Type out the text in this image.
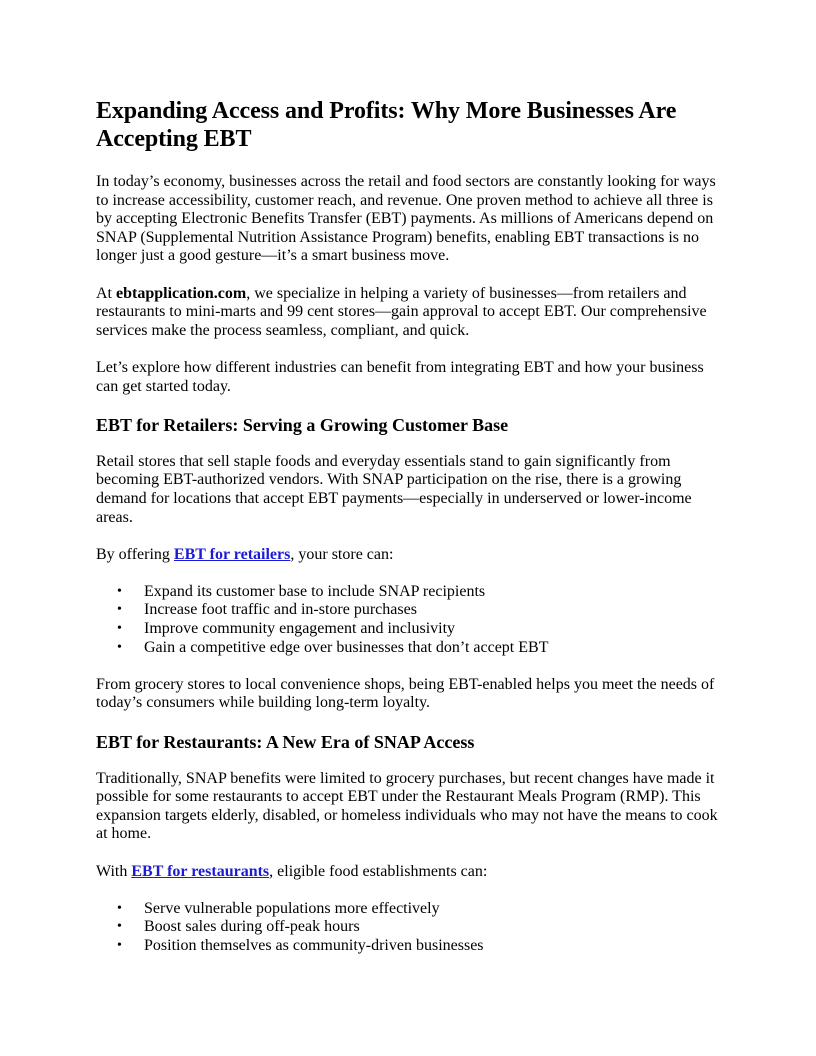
Expanding Access and Profits: Why More Businesses Are Accepting EBT

In today’s economy, businesses across the retail and food sectors are constantly looking for ways to increase accessibility, customer reach, and revenue. One proven method to achieve all three is by accepting Electronic Benefits Transfer (EBT) payments. As millions of Americans depend on SNAP (Supplemental Nutrition Assistance Program) benefits, enabling EBT transactions is no longer just a good gesture—it’s a smart business move.

At ebtapplication.com, we specialize in helping a variety of businesses—from retailers and restaurants to mini-marts and 99 cent stores—gain approval to accept EBT. Our comprehensive services make the process seamless, compliant, and quick.

Let’s explore how different industries can benefit from integrating EBT and how your business can get started today.

EBT for Retailers: Serving a Growing Customer Base

Retail stores that sell staple foods and everyday essentials stand to gain significantly from becoming EBT-authorized vendors. With SNAP participation on the rise, there is a growing demand for locations that accept EBT payments—especially in underserved or lower-income areas.

By offering EBT for retailers, your store can:

• Expand its customer base to include SNAP recipients
• Increase foot traffic and in-store purchases
• Improve community engagement and inclusivity
• Gain a competitive edge over businesses that don’t accept EBT

From grocery stores to local convenience shops, being EBT-enabled helps you meet the needs of today’s consumers while building long-term loyalty.

EBT for Restaurants: A New Era of SNAP Access

Traditionally, SNAP benefits were limited to grocery purchases, but recent changes have made it possible for some restaurants to accept EBT under the Restaurant Meals Program (RMP). This expansion targets elderly, disabled, or homeless individuals who may not have the means to cook at home.

With EBT for restaurants, eligible food establishments can:

• Serve vulnerable populations more effectively
• Boost sales during off-peak hours
• Position themselves as community-driven businesses
